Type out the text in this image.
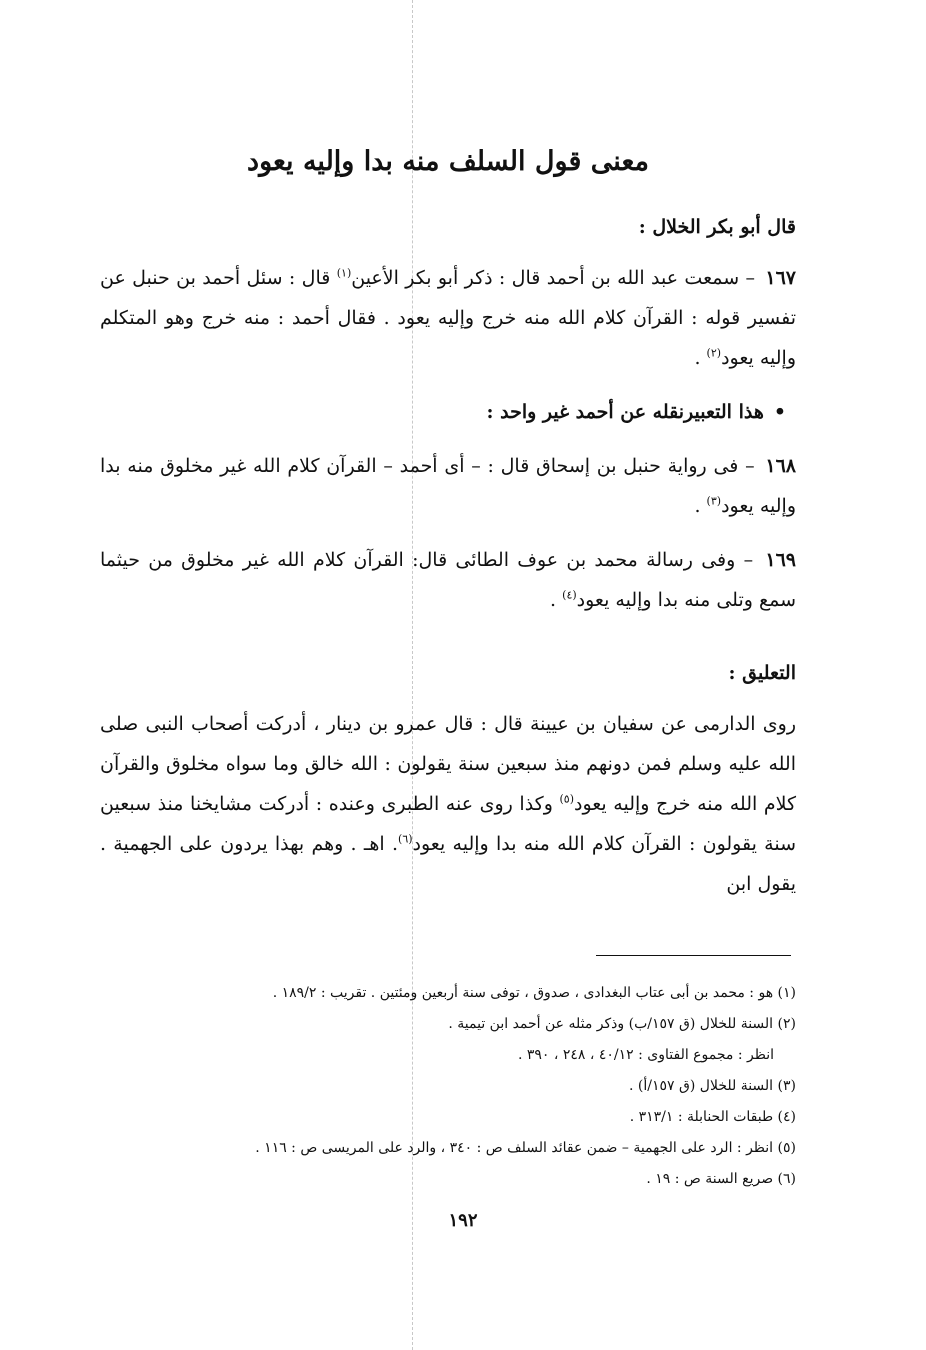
معنى قول السلف منه بدا وإليه يعود
قال أبو بكر الخلال :

١٦٧ – سمعت عبد الله بن أحمد قال : ذكر أبو بكر الأعين$^{(١)}$ قال : سئل أحمد بن حنبل عن تفسير قوله : القرآن كلام الله منه خرج وإليه يعود . فقال أحمد : منه خرج وهو المتكلم وإليه يعود$^{(٢)}$ .

•هذا التعبيرنقله عن أحمد غير واحد :

١٦٨ – فى رواية حنبل بن إسحاق قال : – أى أحمد – القرآن كلام الله غير مخلوق منه بدا وإليه يعود$^{(٣)}$ .

١٦٩ – وفى رسالة محمد بن عوف الطائى قال: القرآن كلام الله غير مخلوق من حيثما سمع وتلى منه بدا وإليه يعود$^{(٤)}$ .

التعليق :

روى الدارمى عن سفيان بن عيينة قال : قال عمرو بن دينار ، أدركت أصحاب النبى صلى الله عليه وسلم فمن دونهم منذ سبعين سنة يقولون : الله خالق وما سواه مخلوق والقرآن كلام الله منه خرج وإليه يعود$^{(٥)}$ وكذا روى عنه الطبرى وعنده : أدركت مشايخنا منذ سبعين سنة يقولون : القرآن كلام الله منه بدا وإليه يعود$^{(٦)}$. اهـ . وهم بهذا يردون على الجهمية . يقول ابن

(١) هو : محمد بن أبى عتاب البغدادى ، صدوق ، توفى سنة أربعين ومئتين . تقريب : ١٨٩/٢ .
(٢) السنة للخلال (ق ١٥٧/ب) وذكر مثله عن أحمد ابن تيمية .
انظر : مجموع الفتاوى : ٤٠/١٢ ، ٢٤٨ ، ٣٩٠ .
(٣) السنة للخلال (ق ١٥٧/أ) .
(٤) طبقات الحنابلة : ٣١٣/١ .
(٥) انظر : الرد على الجهمية – ضمن عقائد السلف ص : ٣٤٠ ، والرد على المريسى ص : ١١٦ .
(٦) صريع السنة ص : ١٩ .
١٩٢
